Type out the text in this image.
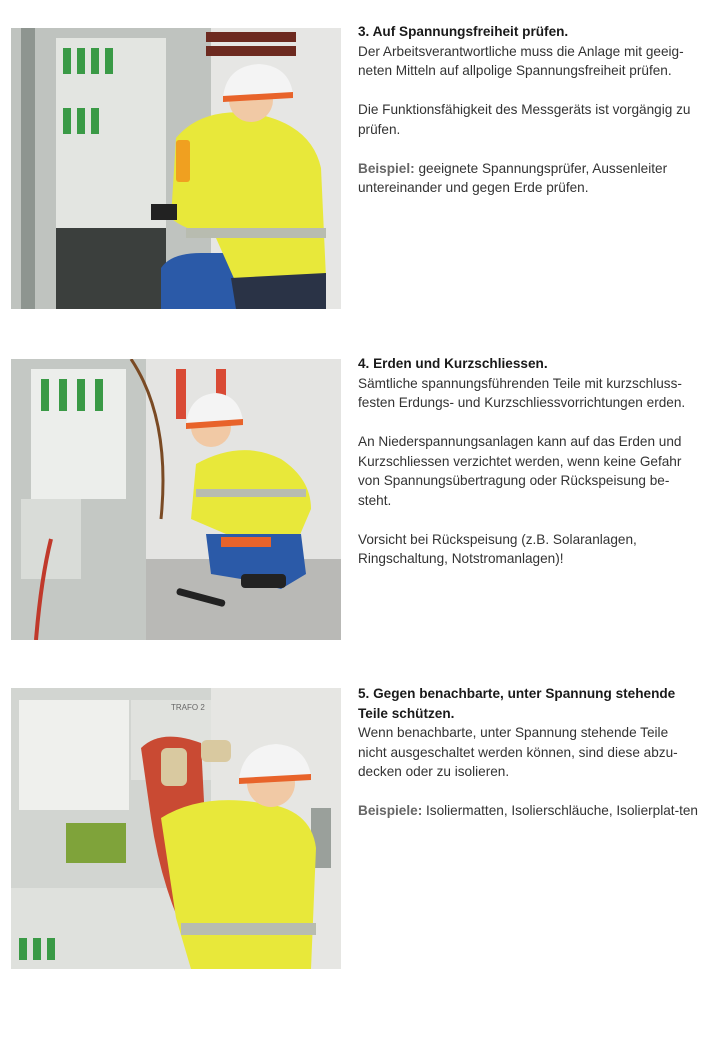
3. Auf Spannungsfreiheit prüfen.

Der Arbeitsverantwortliche muss die Anlage mit geeig-neten Mitteln auf allpolige Spannungsfreiheit prüfen.

Die Funktionsfähigkeit des Messgeräts ist vorgängig zu prüfen.

Beispiel: geeignete Spannungsprüfer, Aussenleiter untereinander und gegen Erde prüfen.

4. Erden und Kurzschliessen.

Sämtliche spannungsführenden Teile mit kurzschluss-festen Erdungs- und Kurzschliessvorrichtungen erden.

An Niederspannungsanlagen kann auf das Erden und Kurzschliessen verzichtet werden, wenn keine Gefahr von Spannungsübertragung oder Rückspeisung be-steht.

Vorsicht bei Rückspeisung (z.B. Solaranlagen, Ringschaltung, Notstromanlagen)!

TRAFO 2

5. Gegen benachbarte, unter Spannung stehende Teile schützen.

Wenn benachbarte, unter Spannung stehende Teile nicht ausgeschaltet werden können, sind diese abzu-decken oder zu isolieren.

Beispiele: Isoliermatten, Isolierschläuche, Isolierplat-ten
